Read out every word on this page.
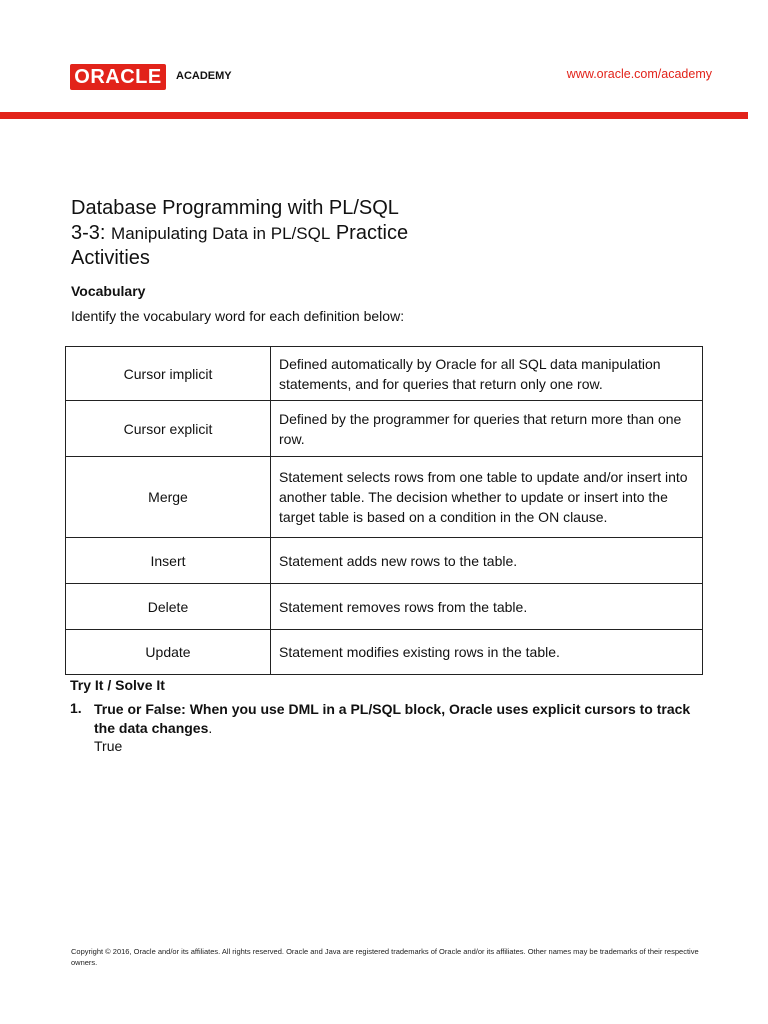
ORACLE ACADEMY	www.oracle.com/academy
Database Programming with PL/SQL
3-3: Manipulating Data in PL/SQL Practice
Activities
Vocabulary
Identify the vocabulary word for each definition below:
Cursor implicit	Defined automatically by Oracle for all SQL data manipulation statements, and for queries that return only one row.
Cursor explicit	Defined by the programmer for queries that return more than one row.
Merge	Statement selects rows from one table to update and/or insert into another table. The decision whether to update or insert into the target table is based on a condition in the ON clause.
Insert	Statement adds new rows to the table.
Delete	Statement removes rows from the table.
Update	Statement modifies existing rows in the table.
Try It / Solve It
1. True or False: When you use DML in a PL/SQL block, Oracle uses explicit cursors to track the data changes.
True
Copyright © 2016, Oracle and/or its affiliates. All rights reserved. Oracle and Java are registered trademarks of Oracle and/or its affiliates. Other names may be trademarks of their respective owners.
